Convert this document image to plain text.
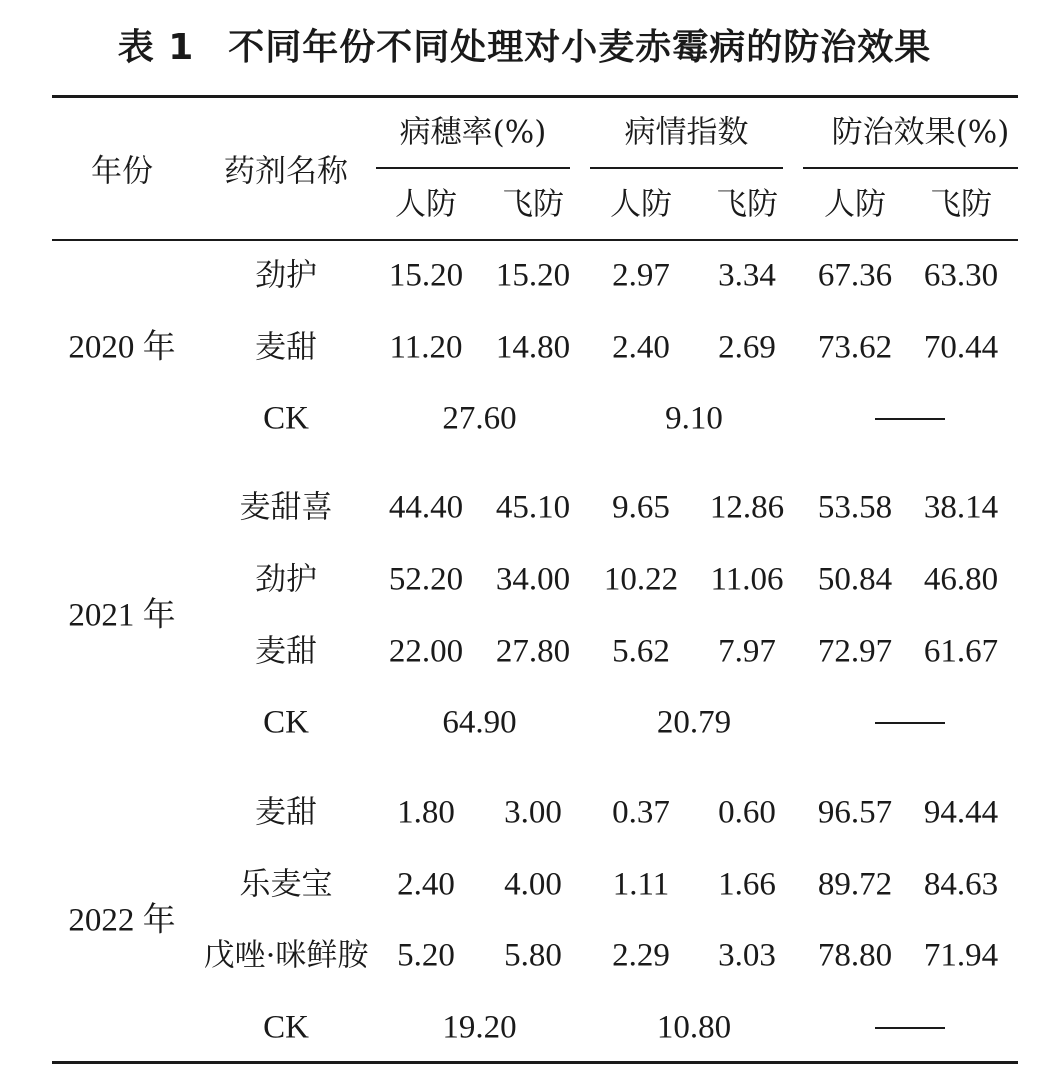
表 1 不同年份不同处理对小麦赤霉病的防治效果
年份 药剂名称
病穗率(%)	病情指数	防治效果(%)
人防 飞防 人防 飞防 人防 飞防
2020 年
劲护 15.20 15.20 2.97 3.34 67.36 63.30
麦甜 11.20 14.80 2.40 2.69 73.62 70.44
CK	27.60	9.10
2021 年
麦甜喜 44.40 45.10 9.65 12.86 53.58 38.14
劲护 52.20 34.00 10.22 11.06 50.84 46.80
麦甜 22.00 27.80 5.62 7.97 72.97 61.67
CK	64.90	20.79
2022 年
麦甜 1.80 3.00 0.37 0.60 96.57 94.44
乐麦宝 2.40 4.00 1.11 1.66 89.72 84.63
戊唑·咪鲜胺 5.20 5.80 2.29 3.03 78.80 71.94
CK	19.20	10.80
